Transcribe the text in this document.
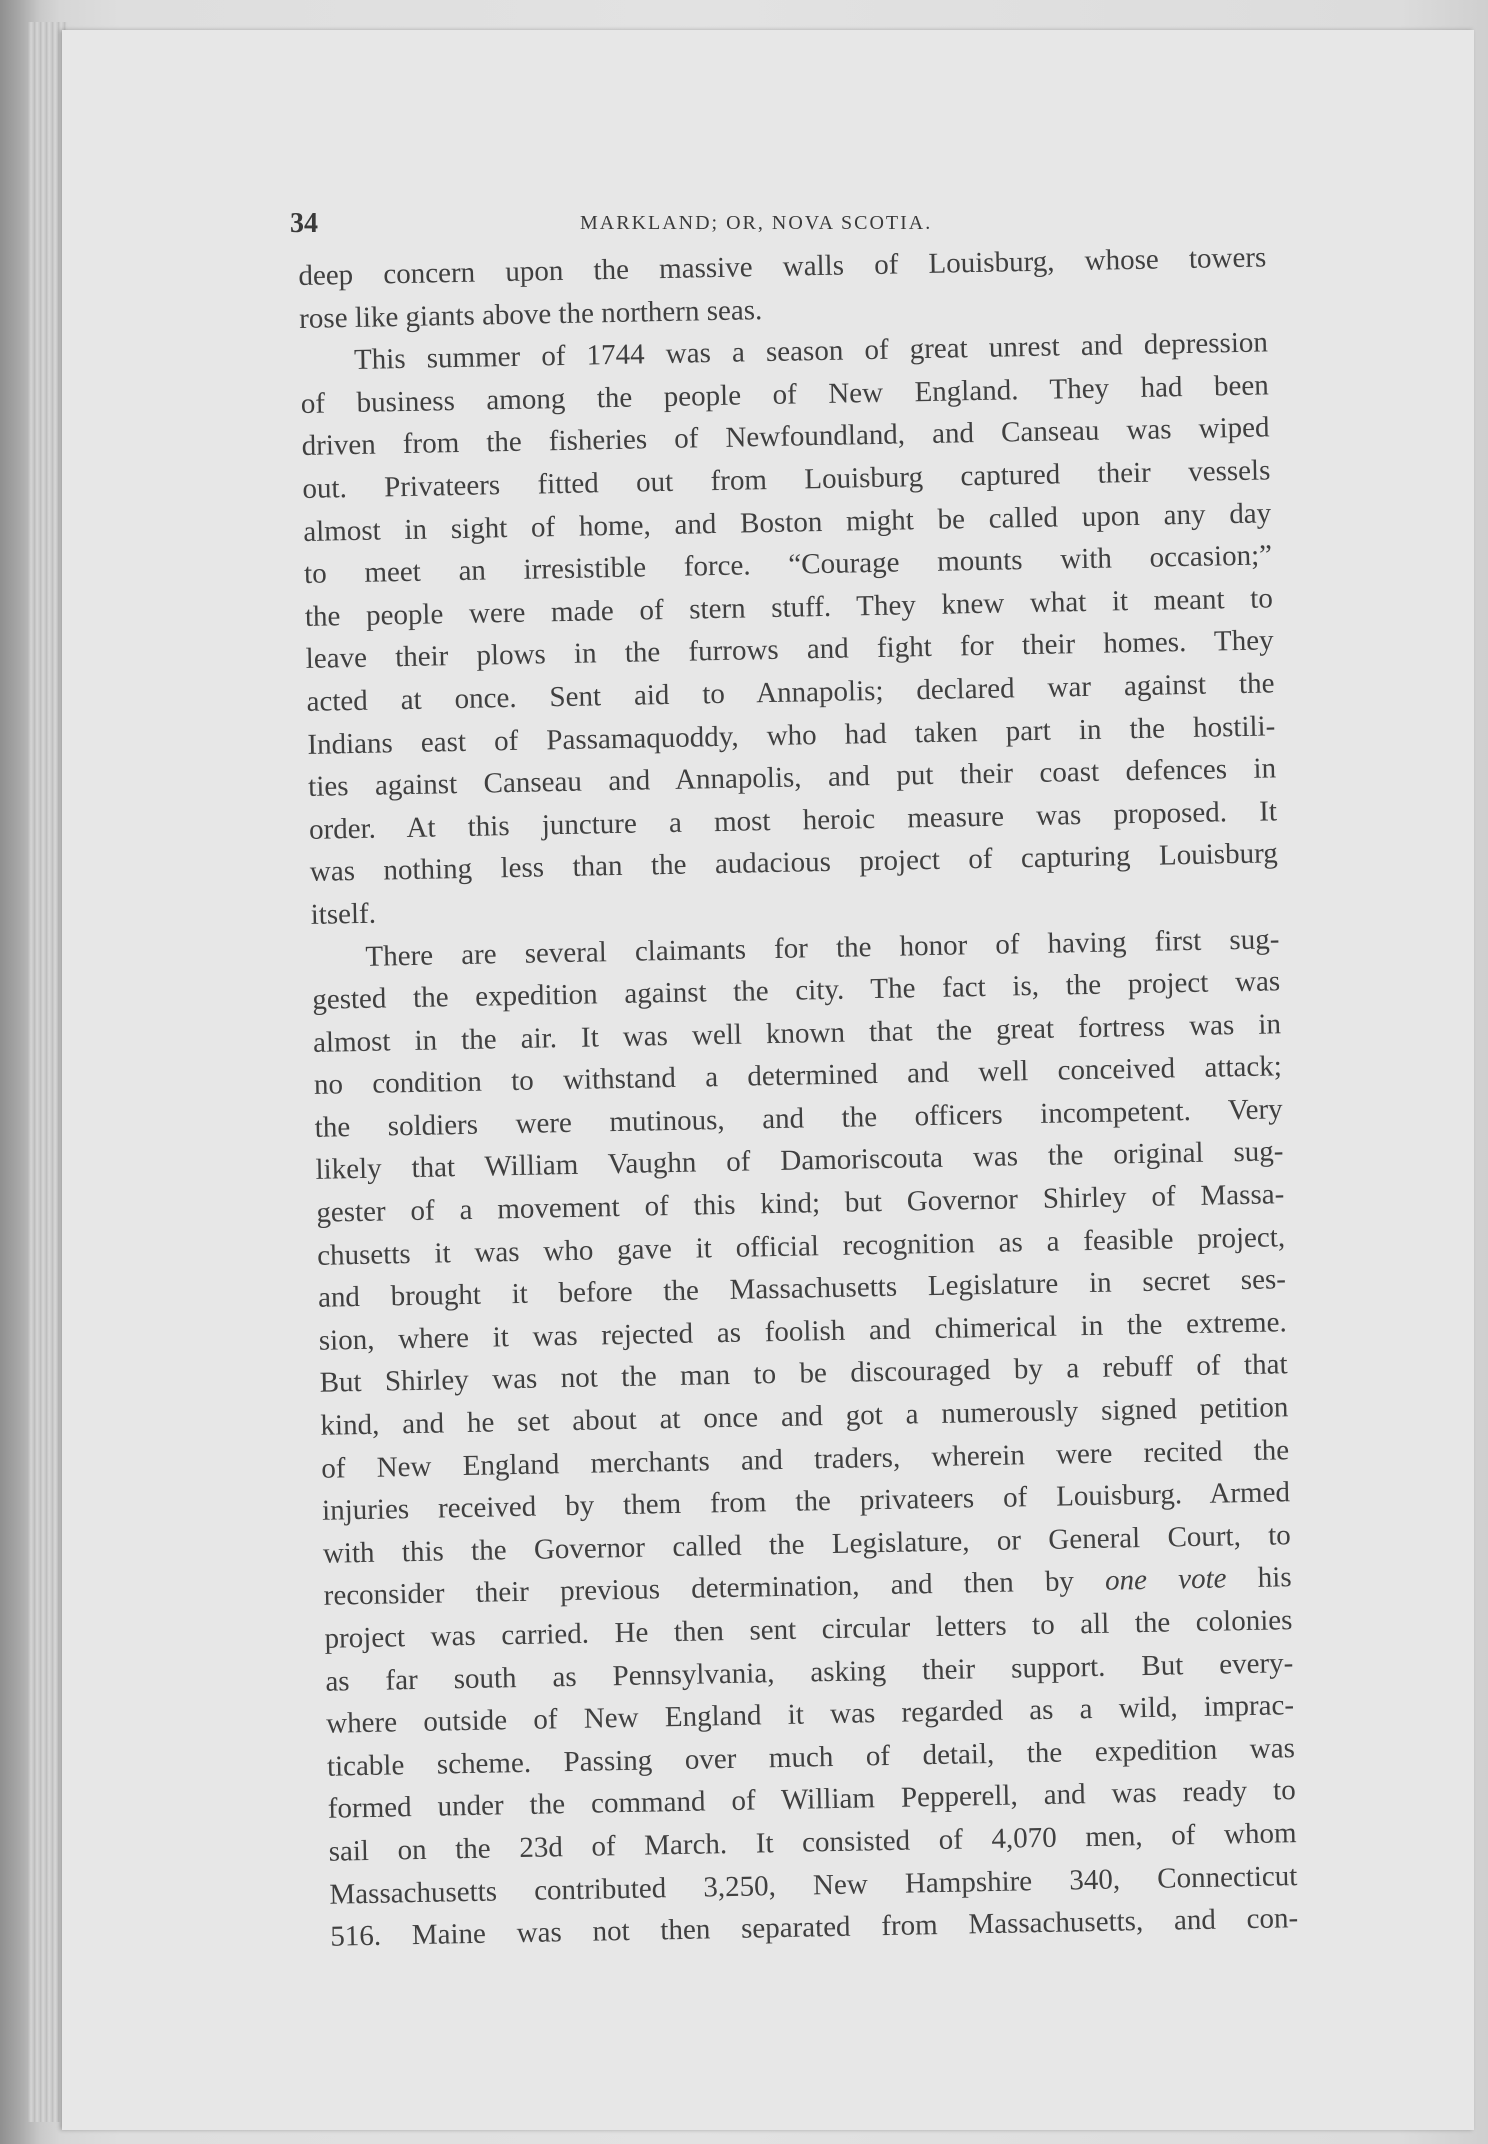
34	MARKLAND; OR, NOVA SCOTIA.
deep concern upon the massive walls of Louisburg, whose towers
rose like giants above the northern seas.
This summer of 1744 was a season of great unrest and depression
of business among the people of New England. They had been
driven from the fisheries of Newfoundland, and Canseau was wiped
out. Privateers fitted out from Louisburg captured their vessels
almost in sight of home, and Boston might be called upon any day
to meet an irresistible force. “Courage mounts with occasion;”
the people were made of stern stuff. They knew what it meant to
leave their plows in the furrows and fight for their homes. They
acted at once. Sent aid to Annapolis; declared war against the
Indians east of Passamaquoddy, who had taken part in the hostili-
ties against Canseau and Annapolis, and put their coast defences in
order. At this juncture a most heroic measure was proposed. It
was nothing less than the audacious project of capturing Louisburg
itself.
There are several claimants for the honor of having first sug-
gested the expedition against the city. The fact is, the project was
almost in the air. It was well known that the great fortress was in
no condition to withstand a determined and well conceived attack;
the soldiers were mutinous, and the officers incompetent. Very
likely that William Vaughn of Damoriscouta was the original sug-
gester of a movement of this kind; but Governor Shirley of Massa-
chusetts it was who gave it official recognition as a feasible project,
and brought it before the Massachusetts Legislature in secret ses-
sion, where it was rejected as foolish and chimerical in the extreme.
But Shirley was not the man to be discouraged by a rebuff of that
kind, and he set about at once and got a numerously signed petition
of New England merchants and traders, wherein were recited the
injuries received by them from the privateers of Louisburg. Armed
with this the Governor called the Legislature, or General Court, to
reconsider their previous determination, and then by one vote his
project was carried. He then sent circular letters to all the colonies
as far south as Pennsylvania, asking their support. But every-
where outside of New England it was regarded as a wild, imprac-
ticable scheme. Passing over much of detail, the expedition was
formed under the command of William Pepperell, and was ready to
sail on the 23d of March. It consisted of 4,070 men, of whom
Massachusetts contributed 3,250, New Hampshire 340, Connecticut
516. Maine was not then separated from Massachusetts, and con-
